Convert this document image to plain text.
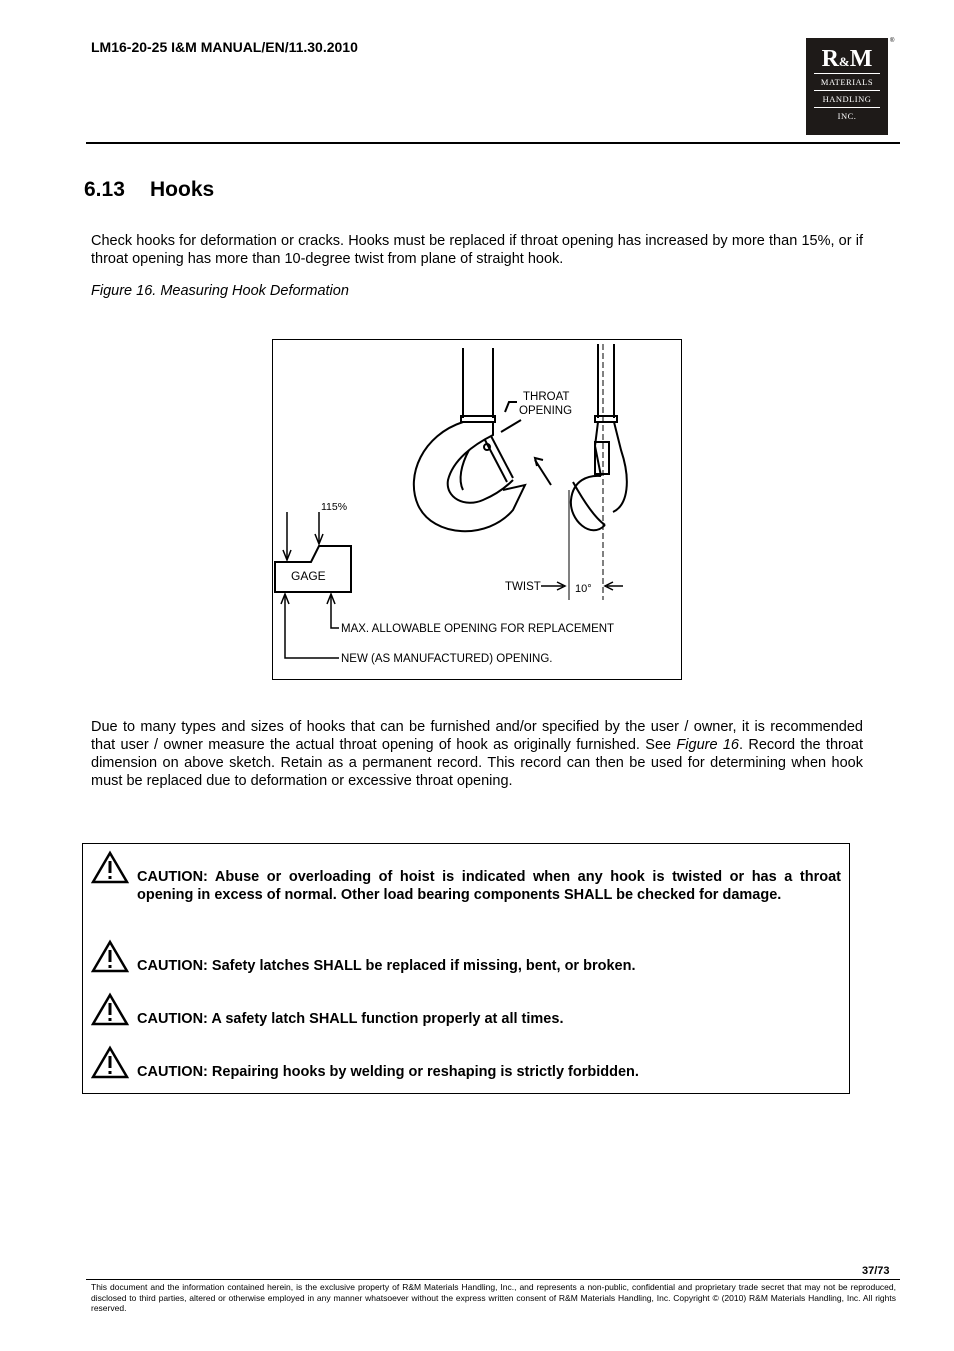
LM16-20-25 I&M MANUAL/EN/11.30.2010	R&M
MATERIALS
HANDLING
INC.
®
6.13 Hooks
Check hooks for deformation or cracks. Hooks must be replaced if throat opening has increased by more than 15%, or if throat opening has more than 10-degree twist from plane of straight hook.
Figure 16. Measuring Hook Deformation
THROAT
OPENING
115%
GAGE
TWIST	10°
MAX. ALLOWABLE OPENING FOR REPLACEMENT
NEW (AS MANUFACTURED) OPENING.
Due to many types and sizes of hooks that can be furnished and/or specified by the user / owner, it is recommended that user / owner measure the actual throat opening of hook as originally furnished. See Figure 16. Record the throat dimension on above sketch. Retain as a permanent record. This record can then be used for determining when hook must be replaced due to deformation or excessive throat opening.
CAUTION: Abuse or overloading of hoist is indicated when any hook is twisted or has a throat opening in excess of normal. Other load bearing components SHALL be checked for damage.
CAUTION: Safety latches SHALL be replaced if missing, bent, or broken.
CAUTION: A safety latch SHALL function properly at all times.
CAUTION: Repairing hooks by welding or reshaping is strictly forbidden.
37/73
This document and the information contained herein, is the exclusive property of R&M Materials Handling, Inc., and represents a non-public, confidential and proprietary trade secret that may not be reproduced, disclosed to third parties, altered or otherwise employed in any manner whatsoever without the express written consent of R&M Materials Handling, Inc. Copyright © (2010) R&M Materials Handling, Inc. All rights reserved.
